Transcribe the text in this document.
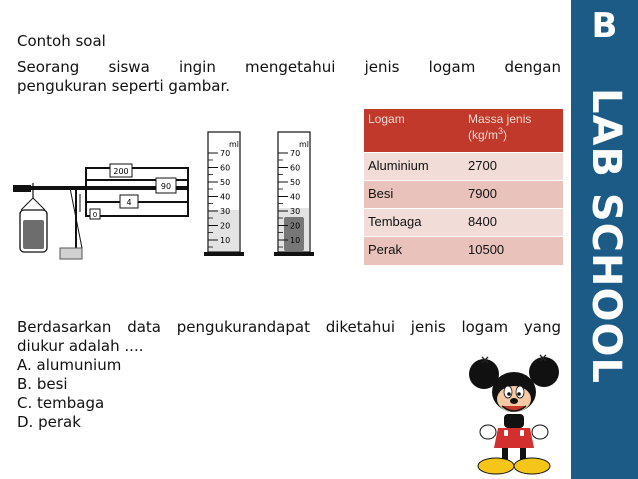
Contoh soal
Seorang siswa ingin mengetahui jenis logam dengan
pengukuran seperti gambar.
70
60
50
40
30
20
10
70
60
50
40
30
20
10
200
90
4
0
ml	ml
Logam	Massa jenis $(kg/m^3)$
Aluminium	2700
Besi	7900
Tembaga	8400
Perak	10500
Berdasarkan data pengukurandapat diketahui jenis logam yang
diukur adalah ....
A. alumunium
B. besi
C. tembaga
D. perak
B
LAB SCHOOL
